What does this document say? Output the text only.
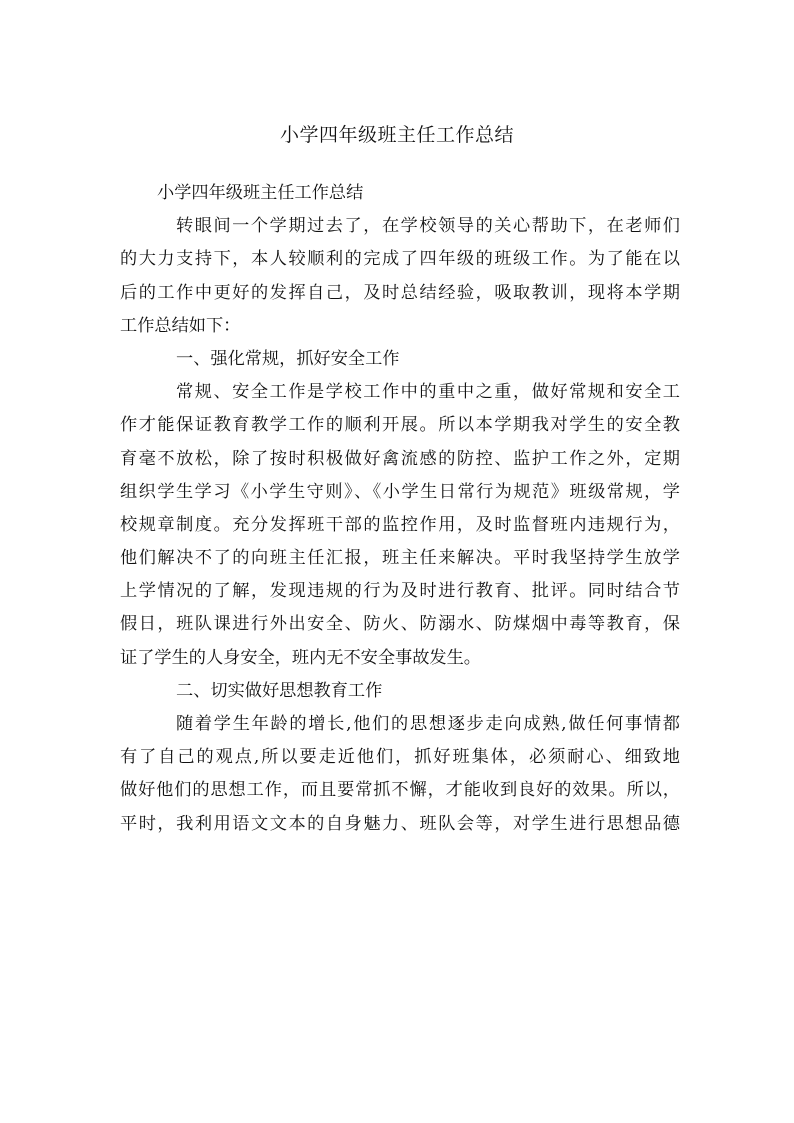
小学四年级班主任工作总结
小学四年级班主任工作总结
转眼间一个学期过去了，在学校领导的关心帮助下，在老师们
的大力支持下，本人较顺利的完成了四年级的班级工作。为了能在以
后的工作中更好的发挥自己，及时总结经验，吸取教训，现将本学期
工作总结如下：
一、强化常规，抓好安全工作
常规、安全工作是学校工作中的重中之重，做好常规和安全工
作才能保证教育教学工作的顺利开展。所以本学期我对学生的安全教
育毫不放松，除了按时积极做好禽流感的防控、监护工作之外，定期
组织学生学习《小学生守则》、《小学生日常行为规范》班级常规，学
校规章制度。充分发挥班干部的监控作用，及时监督班内违规行为，
他们解决不了的向班主任汇报，班主任来解决。平时我坚持学生放学
上学情况的了解，发现违规的行为及时进行教育、批评。同时结合节
假日，班队课进行外出安全、防火、防溺水、防煤烟中毒等教育，保
证了学生的人身安全，班内无不安全事故发生。
二、切实做好思想教育工作
随着学生年龄的增长,他们的思想逐步走向成熟,做任何事情都
有了自己的观点,所以要走近他们，抓好班集体，必须耐心、细致地
做好他们的思想工作，而且要常抓不懈，才能收到良好的效果。所以，
平时，我利用语文文本的自身魅力、班队会等，对学生进行思想品德
